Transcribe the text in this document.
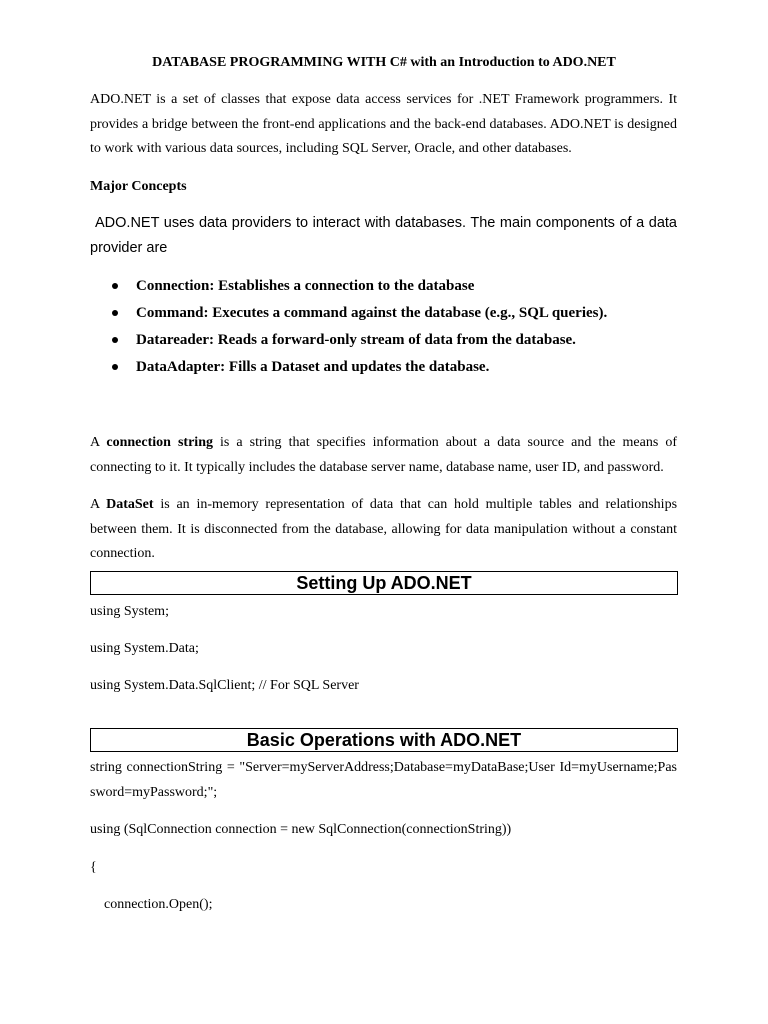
DATABASE PROGRAMMING WITH C# with an Introduction to ADO.NET

ADO.NET is a set of classes that expose data access services for .NET Framework programmers. It provides a bridge between the front-end applications and the back-end databases. ADO.NET is designed to work with various data sources, including SQL Server, Oracle, and other databases.

Major Concepts

ADO.NET uses data providers to interact with databases. The main components of a data provider are

Connection: Establishes a connection to the database
Command: Executes a command against the database (e.g., SQL queries).
Datareader: Reads a forward-only stream of data from the database.
DataAdapter: Fills a Dataset and updates the database.

A connection string is a string that specifies information about a data source and the means of connecting to it. It typically includes the database server name, database name, user ID, and password.

A DataSet is an in-memory representation of data that can hold multiple tables and relationships between them. It is disconnected from the database, allowing for data manipulation without a constant connection.

Setting Up ADO.NET
using System;
using System.Data;
using System.Data.SqlClient; // For SQL Server
Basic Operations with ADO.NET

string connectionString = "Server=myServerAddress;Database=myDataBase;User Id=myUsername;Password=myPassword;";

using (SqlConnection connection = new SqlConnection(connectionString))
{
connection.Open();
